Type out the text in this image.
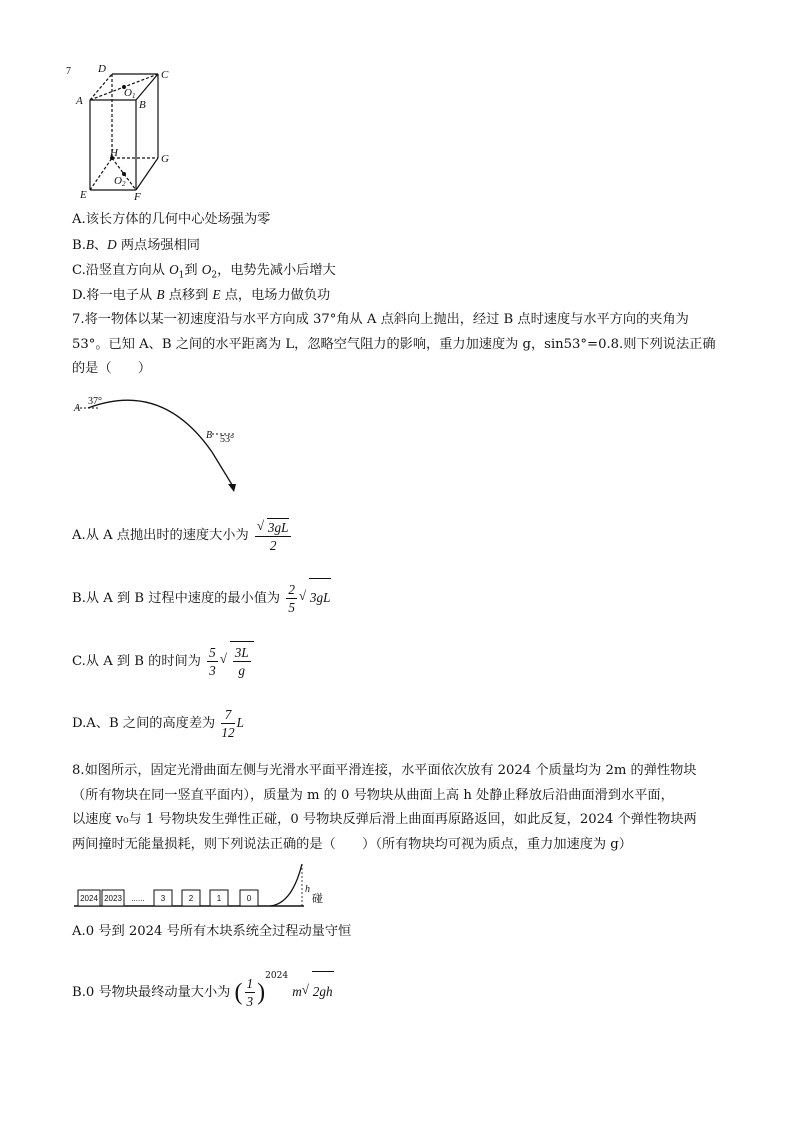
D	C
A
O1
B
H	G
O2
E	F
7
A.该长方体的几何中心处场强为零
B.B、D 两点场强相同
C.沿竖直方向从 $O_1$到 $O_2$，电势先减小后增大
D.将一电子从 B 点移到 E 点，电场力做负功
7.将一物体以某一初速度沿与水平方向成 37°角从 A 点斜向上抛出，经过 B 点时速度与水平方向的夹角为
53°。已知 A、B 之间的水平距离为 L，忽略空气阻力的影响，重力加速度为 g，sin53°=0.8.则下列说法正确
的是（　　）
A
37°
B 53°
A.从 A 点抛出时的速度大小为 √ $\frac{3gL}{2}$
B.从 A 到 B 过程中速度的最小值为 $\frac{2}{5}$ √ 3gL
C.从 A 到 B 的时间为 $\frac{5}{3}$ √ $\frac{3L}{g}$
D.A、B 之间的高度差为 $\frac{7}{12}$ L
8.如图所示，固定光滑曲面左侧与光滑水平面平滑连接，水平面依次放有 2024 个质量均为 2m 的弹性物块
（所有物块在同一竖直平面内），质量为 m 的 0 号物块从曲面上高 h 处静止释放后沿曲面滑到水平面，
以速度 v₀与 1 号物块发生弹性正碰，0 号物块反弹后滑上曲面再原路返回，如此反复，2024 个弹性物块两
两间撞时无能量损耗，则下列说法正确的是（　　）（所有物块均可视为质点，重力加速度为 g）
2024 2023 ...... 3	2	1	0
h
碰
A.0 号到 2024 号所有木块系统全过程动量守恒
B.0 号物块最终动量大小为 ( $\frac{1}{3} )^{2024}$ m √ 2gh
